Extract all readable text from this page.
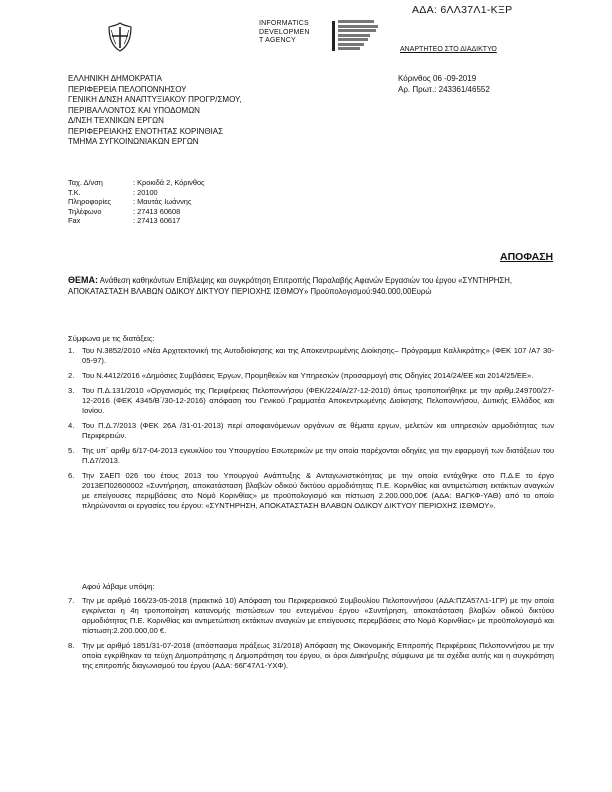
ΑΔΑ: 6ΛΛ37Λ1-ΚΞΡ
INFORMATICS
DEVELOPMEN
T AGENCY
ΑΝΑΡΤΗΤΕΟ ΣΤΟ ΔΙΑΔΙΚΤΥΟ
ΕΛΛΗΝΙΚΗ ΔΗΜΟΚΡΑΤΙΑ
ΠΕΡΙΦΕΡΕΙΑ ΠΕΛΟΠΟΝΝΗΣΟΥ
ΓΕΝΙΚΗ Δ/ΝΣΗ ΑΝΑΠΤΥΞΙΑΚΟΥ ΠΡΟΓΡ/ΣΜΟΥ,
ΠΕΡΙΒΑΛΛΟΝΤΟΣ ΚΑΙ ΥΠΟΔΟΜΩΝ
Δ/ΝΣΗ ΤΕΧΝΙΚΩΝ ΕΡΓΩΝ
ΠΕΡΙΦΕΡΕΙΑΚΗΣ ΕΝΟΤΗΤΑΣ ΚΟΡΙΝΘΙΑΣ
ΤΜΗΜΑ ΣΥΓΚΟΙΝΩΝΙΑΚΩΝ ΕΡΓΩΝ
Κόρινθος 06 -09-2019
Αρ. Πρωτ.: 243361/46552
Ταχ. Δ/νση	: Κροκιδά 2, Κόρινθος
Τ.Κ.	: 20100
Πληροφορίες	: Μαυτάς Ιωάννης
Τηλέφωνο	: 27413 60608
Fax	: 27413 60617
ΑΠΟΦΑΣΗ
ΘΕΜΑ: Ανάθεση καθηκόντων Επίβλεψης και συγκρότηση Επιτροπής Παραλαβής Αφανών Εργασιών του έργου «ΣΥΝΤΗΡΗΣΗ, ΑΠΟΚΑΤΑΣΤΑΣΗ ΒΛΑΒΩΝ ΟΔΙΚΟΥ ΔΙΚΤΥΟΥ ΠΕΡΙΟΧΗΣ ΙΣΘΜΟΥ» Προϋπολογισμού:940.000,00Ευρώ
Σύμφωνα με τις διατάξεις:
1.	Του Ν.3852/2010 «Νέα Αρχιτεκτονική της Αυτοδιοίκησης και της Αποκεντρωμένης Διοίκησης– Πρόγραμμα Καλλικράτης» (ΦΕΚ 107 /Α7 30-05-97).
2.	Του Ν.4412/2016 «Δημόσιες Συμβάσεις Έργων, Προμηθειών και Υπηρεσιών (προσαρμογή στις Οδηγίες 2014/24/ΕΕ και 2014/25/ΕΕ».
3.	Του Π.Δ.131/2010 «Οργανισμός της Περιφέρειας Πελοποννήσου (ΦΕΚ/224/Α/27-12-2010) όπως τροποποιήθηκε με την αριθμ.249700/27-12-2016 (ΦΕΚ 4345/Β΄/30-12-2016) απόφαση του Γενικού Γραμματέα Αποκεντρωμένης Διοίκησης Πελοποννήσου, Δυτικής Ελλάδος και Ιονίου.
4.	Του Π.Δ.7/2013 (ΦΕΚ 26Α /31-01-2013) περί αποφαινόμενων οργάνων σε θέματα εργων, μελετών και υπηρεσιών αρμοδιότητας των Περιφερειών.
5.	Της υπ΄ αριθμ 6/17-04-2013 εγκυκλίου του Υπουργείου Εσωτερικών με την οποία παρέχονται οδηγίες για την εφαρμογή των διατάξεων του Π.Δ7/2013.
6.	Την ΣΑΕΠ 026 του έτους 2013 του Υπουργού Ανάπτυξης & Ανταγωνιστικότητας με την οποία εντάχθηκε στο Π.Δ.Ε το έργο 2013ΕΠ02600002 «Συντήρηση, αποκατάσταση βλαβών οδικού δικτύου αρμοδιότητας Π.Ε. Κορινθίας και αντιμετώπιση εκτάκτων αναγκών με επείγουσες περιμβάσεις στο Νομό Κορινθίας» με προϋπολογισμό και πίστωση 2.200.000,00€ (ΑΔΑ: ΒΑΓΚΦ-ΥΑΘ) από το οποίο πληρώνονται οι εργασίες του έργου: «ΣΥΝΤΗΡΗΣΗ, ΑΠΟΚΑΤΑΣΤΑΣΗ ΒΛΑΒΩΝ ΟΔΙΚΟΥ ΔΙΚΤΥΟΥ ΠΕΡΙΟΧΗΣ ΙΣΘΜΟΥ».
Αφού λάβαμε υπόψη:
7.	Την με αριθμό 166/23-05-2018 (πρακτικό 10) Απόφαση του Περιφερειακού Συμβουλίου Πελοποννήσου (ΑΔΑ:ΠΖΑ57Λ1-1ΓΡ) με την οποία εγκρίνεται η 4η τροποποίηση κατανομής πιστώσεων του εντεγμένου έργου «Συντήρηση, αποκατάσταση βλαβών οδικού δικτύου αρμοδιότητας Π.Ε. Κορινθίας και αντιμετώπιση εκτάκτων αναγκών με επείγουσες περεμβάσεις στο Νομό Κορινθίας» με προϋπολογισμό και πίστωση:2.200.000,00 €.
8.	Την με αριθμό 1851/31-07-2018 (απόσπασμα πράξεως 31/2018) Απόφαση της Οικονομικής Επιτροπής Περιφέρειας Πελοποννήσου με την οποία εγκρίθηκαν τα τεύχη Δημοπράτησης η Δημοπράτηση του έργου, οι όροι Διακήρυξης σύμφωνα με τα σχέδια αυτής και η συγκρότηση της επιτροπής διαγωνισμού του έργου (ΑΔΑ: 66Γ47Λ1-ΥΧΦ).
